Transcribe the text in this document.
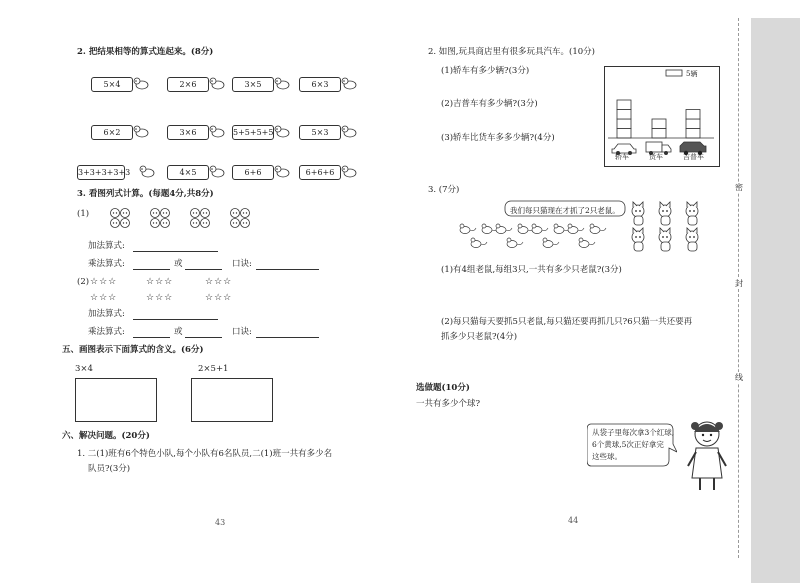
2. 把结果相等的算式连起来。(8分)
5×4	2×6	3×5	6×3
6×2	3×6	5+5+5+5	5×3
3+3+3+3+3	4×5	6+6	6+6+6
3. 看图列式计算。(每题4分,共8分)
(1)
加法算式:
乘法算式:	或	口诀:
(2) ☆☆☆	☆☆☆	☆☆☆
☆☆☆	☆☆☆	☆☆☆
加法算式:
乘法算式:	或	口诀:
五、画图表示下面算式的含义。(6分)
3×4	2×5+1
六、解决问题。(20分)
1. 二(1)班有6个特色小队,每个小队有6名队员,二(1)班一共有多少名
队员?(3分)
43
2. 如图,玩具商店里有很多玩具汽车。(10分)
(1)轿车有多少辆?(3分)
(2)吉普车有多少辆?(3分)
(3)轿车比货车多多少辆?(4分)
5辆
轿车	货车	吉普车
3. (7分)
我们每只猫现在才抓了2只老鼠。
(1)有4组老鼠,每组3只,一共有多少只老鼠?(3分)
(2)每只猫每天要抓5只老鼠,每只猫还要再抓几只?6只猫一共还要再
抓多少只老鼠?(4分)
选做题(10分)
一共有多少个球?
从袋子里每次拿3个红球,
6个黄球,5次正好拿完
这些球。
44
密
封
线
